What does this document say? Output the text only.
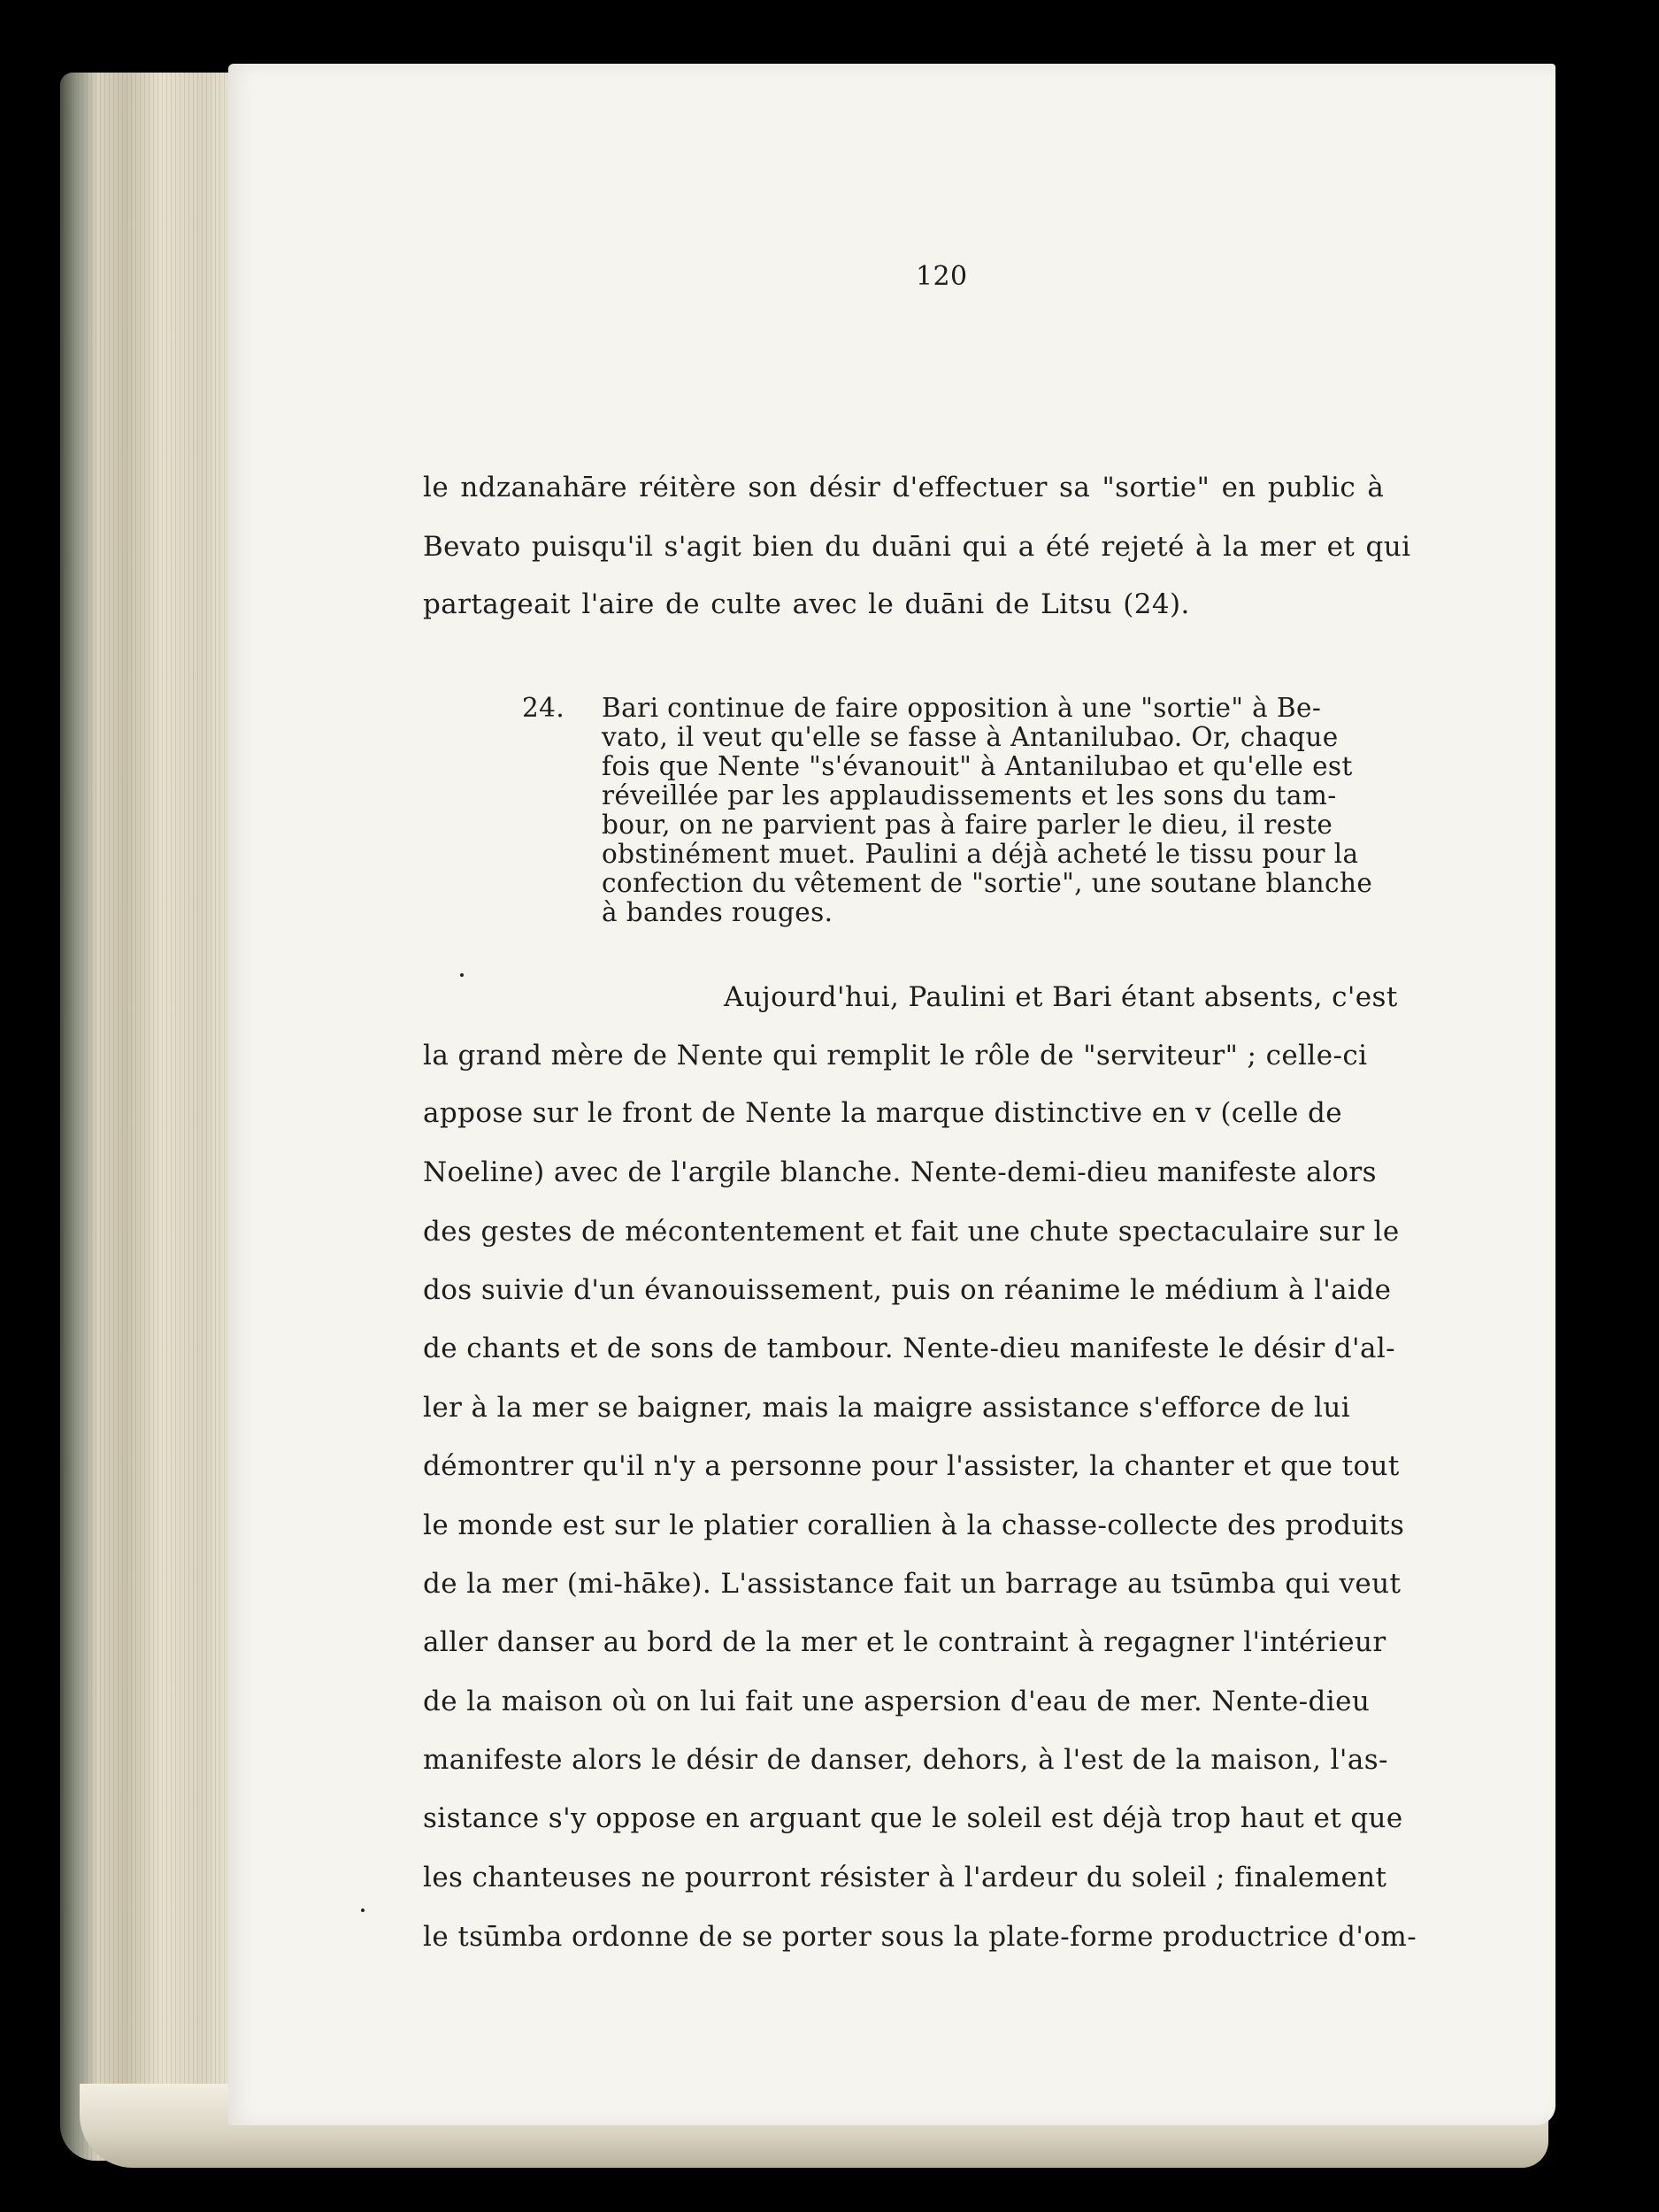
120
le ndzanahāre réitère son désir d'effectuer sa "sortie" en public à
Bevato puisqu'il s'agit bien du duāni qui a été rejeté à la mer et qui
partageait l'aire de culte avec le duāni de Litsu (24).
24. Bari continue de faire opposition à une "sortie" à Be-
vato, il veut qu'elle se fasse à Antanilubao. Or, chaque
fois que Nente "s'évanouit" à Antanilubao et qu'elle est
réveillée par les applaudissements et les sons du tam-
bour, on ne parvient pas à faire parler le dieu, il reste
obstinément muet. Paulini a déjà acheté le tissu pour la
confection du vêtement de "sortie", une soutane blanche
à bandes rouges.
Aujourd'hui, Paulini et Bari étant absents, c'est
la grand mère de Nente qui remplit le rôle de "serviteur" ; celle-ci
appose sur le front de Nente la marque distinctive en v (celle de
Noeline) avec de l'argile blanche. Nente-demi-dieu manifeste alors
des gestes de mécontentement et fait une chute spectaculaire sur le
dos suivie d'un évanouissement, puis on réanime le médium à l'aide
de chants et de sons de tambour. Nente-dieu manifeste le désir d'al-
ler à la mer se baigner, mais la maigre assistance s'efforce de lui
démontrer qu'il n'y a personne pour l'assister, la chanter et que tout
le monde est sur le platier corallien à la chasse-collecte des produits
de la mer (mi-hāke). L'assistance fait un barrage au tsūmba qui veut
aller danser au bord de la mer et le contraint à regagner l'intérieur
de la maison où on lui fait une aspersion d'eau de mer. Nente-dieu
manifeste alors le désir de danser, dehors, à l'est de la maison, l'as-
sistance s'y oppose en arguant que le soleil est déjà trop haut et que
les chanteuses ne pourront résister à l'ardeur du soleil ; finalement
le tsūmba ordonne de se porter sous la plate-forme productrice d'om-
